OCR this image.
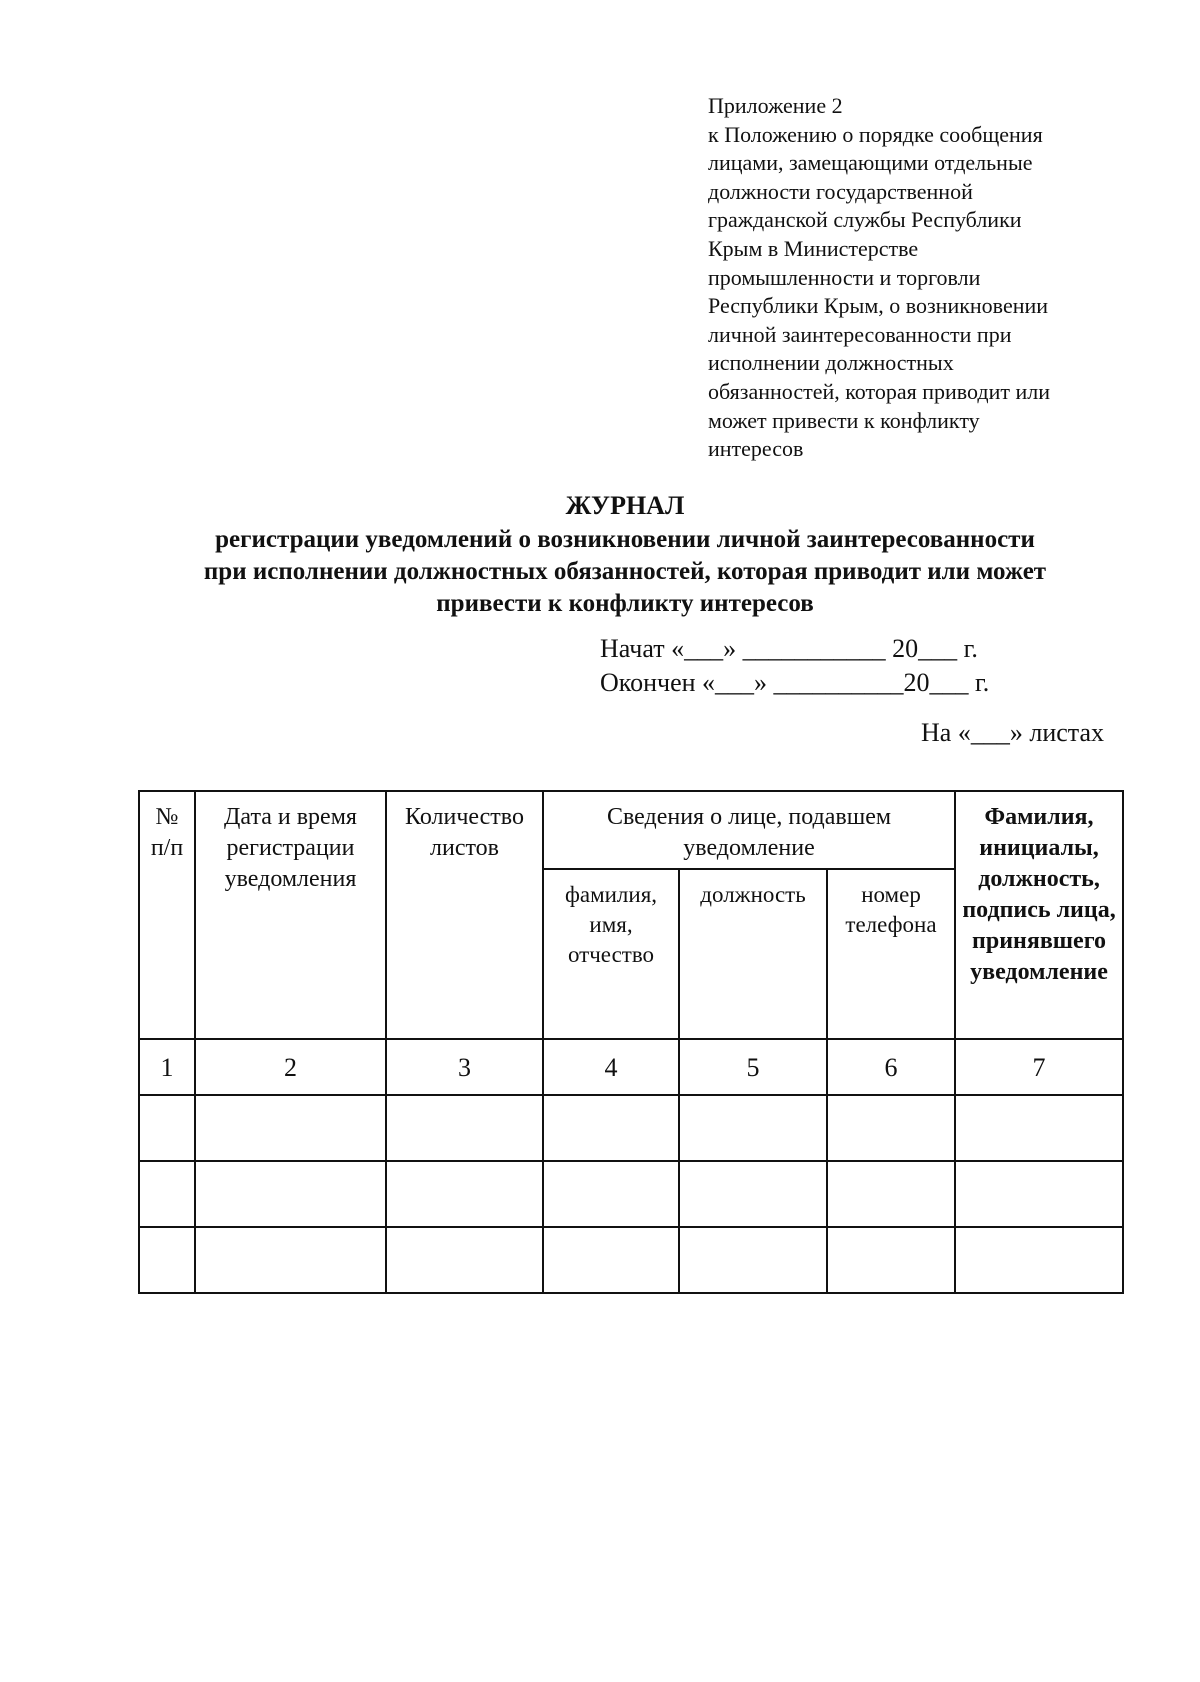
Приложение 2
к Положению о порядке сообщения
лицами, замещающими отдельные
должности государственной
гражданской службы Республики
Крым в Министерстве
промышленности и торговли
Республики Крым, о возникновении
личной заинтересованности при
исполнении должностных
обязанностей, которая приводит или
может привести к конфликту
интересов
ЖУРНАЛ
регистрации уведомлений о возникновении личной заинтересованности
при исполнении должностных обязанностей, которая приводит или может
привести к конфликту интересов
Начат «___» ___________ 20___ г.
Окончен «___» __________20___ г.
На «___» листах
№ п/п	Дата и время регистрации уведомления	Количество листов	Сведения о лице, подавшем уведомление			Фамилия, инициалы, должность, подпись лица, принявшего уведомление
			фамилия, имя, отчество	должность	номер телефона	
1	2	3	4	5	6	7
